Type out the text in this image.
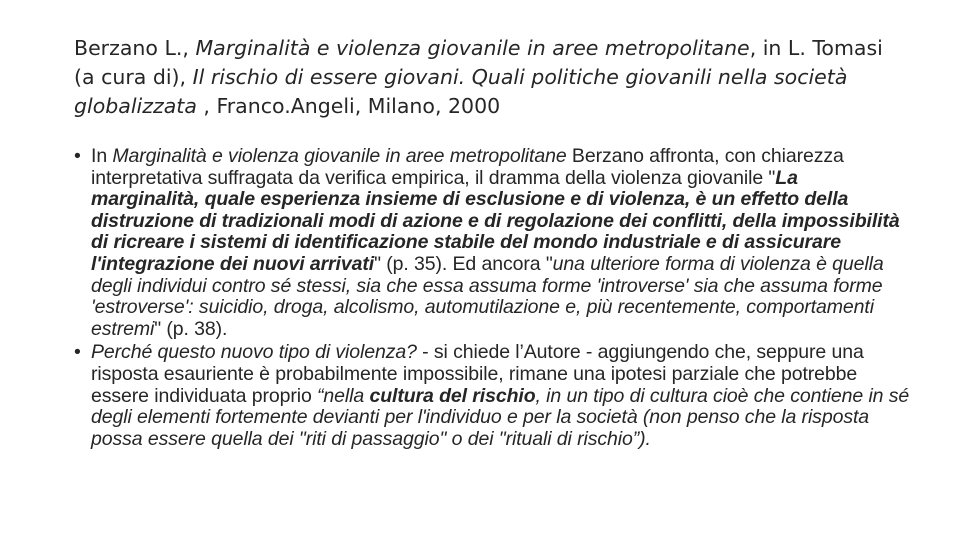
Berzano L., Marginalità e violenza giovanile in aree metropolitane, in L. Tomasi (a cura di), Il rischio di essere giovani. Quali politiche giovanili nella società globalizzata , Franco.Angeli, Milano, 2000

• In Marginalità e violenza giovanile in aree metropolitane Berzano affronta, con chiarezza interpretativa suffragata da verifica empirica, il dramma della violenza giovanile "La marginalità, quale esperienza insieme di esclusione e di violenza, è un effetto della distruzione di tradizionali modi di azione e di regolazione dei conflitti, della impossibilità di ricreare i sistemi di identificazione stabile del mondo industriale e di assicurare l'integrazione dei nuovi arrivati" (p. 35). Ed ancora "una ulteriore forma di violenza è quella degli individui contro sé stessi, sia che essa assuma forme 'introverse' sia che assuma forme 'estroverse': suicidio, droga, alcolismo, automutilazione e, più recentemente, comportamenti estremi" (p. 38).
• Perché questo nuovo tipo di violenza? - si chiede l’Autore - aggiungendo che, seppure una risposta esauriente è probabilmente impossibile, rimane una ipotesi parziale che potrebbe essere individuata proprio “nella cultura del rischio, in un tipo di cultura cioè che contiene in sé degli elementi fortemente devianti per l'individuo e per la società (non penso che la risposta possa essere quella dei "riti di passaggio" o dei "rituali di rischio”).
